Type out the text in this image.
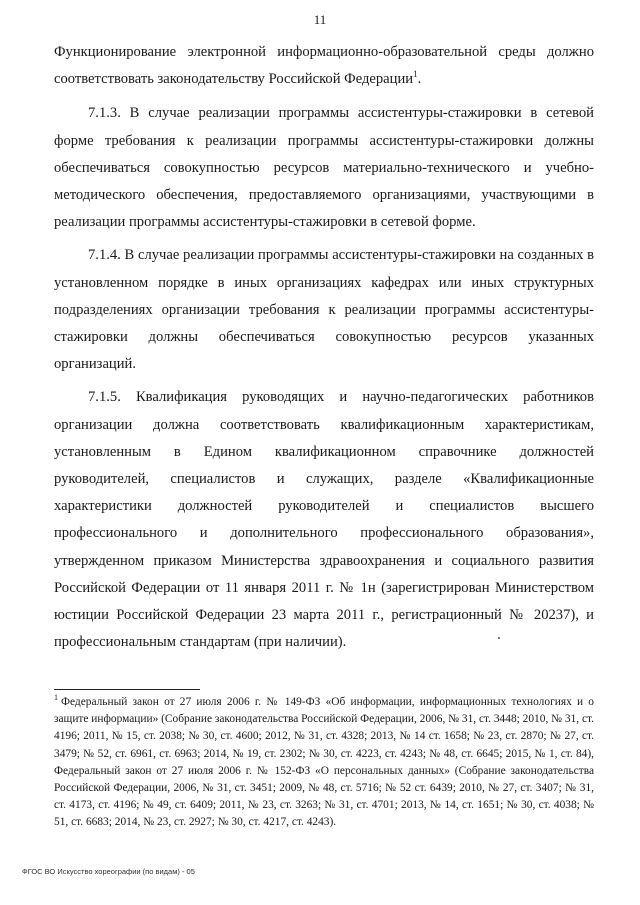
11

Функционирование электронной информационно-образовательной среды должно соответствовать законодательству Российской Федерации$^1$.

7.1.3. В случае реализации программы ассистентуры-стажировки в сетевой форме требования к реализации программы ассистентуры-стажировки должны обеспечиваться совокупностью ресурсов материально-технического и учебно-методического обеспечения, предоставляемого организациями, участвующими в реализации программы ассистентуры-стажировки в сетевой форме.

7.1.4. В случае реализации программы ассистентуры-стажировки на созданных в установленном порядке в иных организациях кафедрах или иных структурных подразделениях организации требования к реализации программы ассистентуры-стажировки должны обеспечиваться совокупностью ресурсов указанных организаций.

7.1.5. Квалификация руководящих и научно-педагогических работников организации должна соответствовать квалификационным характеристикам, установленным в Едином квалификационном справочнике должностей руководителей, специалистов и служащих, разделе «Квалификационные характеристики должностей руководителей и специалистов высшего профессионального и дополнительного профессионального образования», утвержденном приказом Министерства здравоохранения и социального развития Российской Федерации от 11 января 2011 г. № 1н (зарегистрирован Министерством юстиции Российской Федерации 23 марта 2011 г., регистрационный № 20237), и профессиональным стандартам (при наличии).

$^1$ Федеральный закон от 27 июля 2006 г. № 149-ФЗ «Об информации, информационных технологиях и о защите информации» (Собрание законодательства Российской Федерации, 2006, № 31, ст. 3448; 2010, № 31, ст. 4196; 2011, № 15, ст. 2038; № 30, ст. 4600; 2012, № 31, ст. 4328; 2013, № 14 ст. 1658; № 23, ст. 2870; № 27, ст. 3479; № 52, ст. 6961, ст. 6963; 2014, № 19, ст. 2302; № 30, ст. 4223, ст. 4243; № 48, ст. 6645; 2015, № 1, ст. 84), Федеральный закон от 27 июля 2006 г. № 152-ФЗ «О персональных данных» (Собрание законодательства Российской Федерации, 2006, № 31, ст. 3451; 2009, № 48, ст. 5716; № 52 ст. 6439; 2010, № 27, ст. 3407; № 31, ст. 4173, ст. 4196; № 49, ст. 6409; 2011, № 23, ст. 3263; № 31, ст. 4701; 2013, № 14, ст. 1651; № 30, ст. 4038; № 51, ст. 6683; 2014, № 23, ст. 2927; № 30, ст. 4217, ст. 4243).

ФГОС ВО Искусство хореографии (по видам) - 05
